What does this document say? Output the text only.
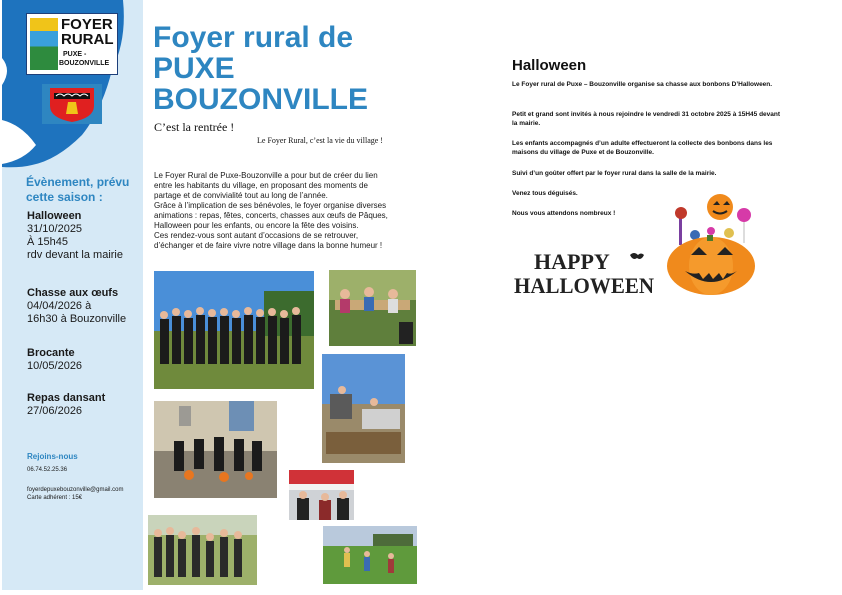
FOYER
RURAL
PUXE -
BOUZONVILLE
Évènement, prévu
cette saison :
Halloween
31/10/2025
À 15h45
rdv devant la mairie
Chasse aux œufs
04/04/2026 à
16h30 à Bouzonville
Brocante
10/05/2026
Repas dansant
27/06/2026
Rejoins-nous
06.74.52.25.36
foyerdepuxebouzonville@gmail.com
Carte adhérent : 15€
Foyer rural de
PUXE
BOUZONVILLE
C’est la rentrée !
Le Foyer Rural, c’est la vie du village !
Le Foyer Rural de Puxe-Bouzonville a pour but de créer du lien
entre les habitants du village, en proposant des moments de
partage et de convivialité tout au long de l’année.
Grâce à l’implication de ses bénévoles, le foyer organise diverses
animations : repas, fêtes, concerts, chasses aux œufs de Pâques,
Halloween pour les enfants, ou encore la fête des voisins.
Ces rendez-vous sont autant d’occasions de se retrouver,
d’échanger et de faire vivre notre village dans la bonne humeur !
Halloween
Le Foyer rural de Puxe – Bouzonville organise sa chasse aux bonbons D’Halloween.
Petit et grand sont invités à nous rejoindre le vendredi 31 octobre 2025 à 15H45 devant la mairie.
Les enfants accompagnés d’un adulte effectueront la collecte des bonbons dans les maisons du village de Puxe et de Bouzonville.
Suivi d’un goûter offert par le foyer rural dans la salle de la mairie.
Venez tous déguisés.
Nous vous attendons nombreux !
HAPPY
HALLOWEEN
